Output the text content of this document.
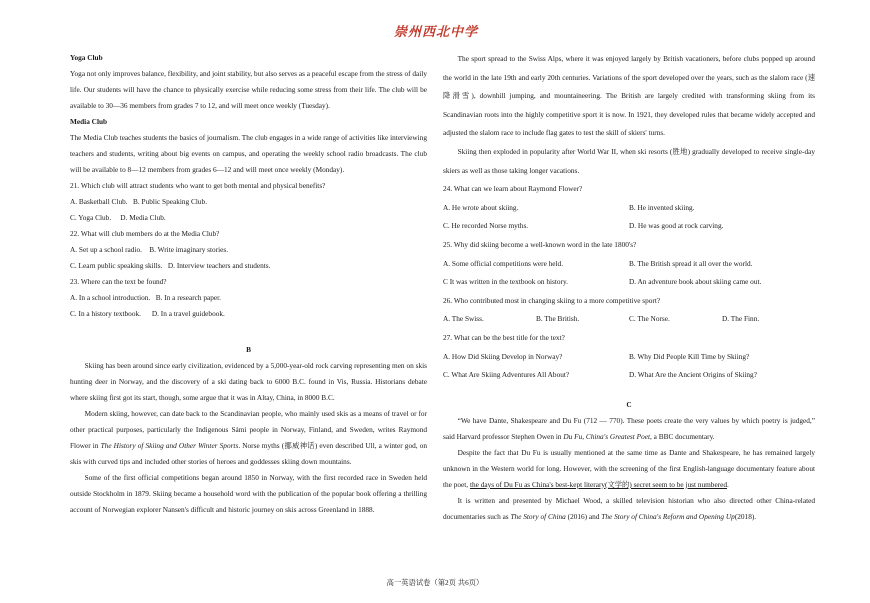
崇州西北中学

Yoga Club

Yoga not only improves balance, flexibility, and joint stability, but also serves as a peaceful escape from the stress of daily life. Our students will have the chance to physically exercise while reducing some stress from their life. The club will be available to 30—36 members from grades 7 to 12, and will meet once weekly (Tuesday).

Media Club

The Media Club teaches students the basics of journalism. The club engages in a wide range of activities like interviewing teachers and students, writing about big events on campus, and operating the weekly school radio broadcasts. The club will be available to 8—12 members from grades 6—12 and will meet once weekly (Monday).

21. Which club will attract students who want to get both mental and physical benefits?

A. Basketball Club. B. Public Speaking Club.

C. Yoga Club. D. Media Club.

22. What will club members do at the Media Club?

A. Set up a school radio. B. Write imaginary stories.

C. Learn public speaking skills. D. Interview teachers and students.

23. Where can the text be found?

A. In a school introduction. B. In a research paper.

C. In a history textbook. D. In a travel guidebook.

B

Skiing has been around since early civilization, evidenced by a 5,000-year-old rock carving representing men on skis hunting deer in Norway, and the discovery of a ski dating back to 6000 B.C. found in Vis, Russia. Historians debate where skiing first got its start, though, some argue that it was in Altay, China, in 8000 B.C.

Modern skiing, however, can date back to the Scandinavian people, who mainly used skis as a means of travel or for other practical purposes, particularly the Indigenous Sámi people in Norway, Finland, and Sweden, writes Raymond Flower in The History of Skiing and Other Winter Sports. Norse myths (挪威神话) even described Ull, a winter god, on skis with curved tips and included other stories of heroes and goddesses skiing down mountains.

Some of the first official competitions began around 1850 in Norway, with the first recorded race in Sweden held outside Stockholm in 1879. Skiing became a household word with the publication of the popular book offering a thrilling account of Norwegian explorer Nansen's difficult and historic journey on skis across Greenland in 1888.

The sport spread to the Swiss Alps, where it was enjoyed largely by British vacationers, before clubs popped up around the world in the late 19th and early 20th centuries. Variations of the sport developed over the years, such as the slalom race (速降滑雪), downhill jumping, and mountaineering. The British are largely credited with transforming skiing from its Scandinavian roots into the highly competitive sport it is now. In 1921, they developed rules that became widely accepted and adjusted the slalom race to include flag gates to test the skill of skiers' turns.

Skiing then exploded in popularity after World War II, when ski resorts (胜地) gradually developed to receive single-day skiers as well as those taking longer vacations.

24. What can we learn about Raymond Flower?

A. He wrote about skiing.	B. He invented skiing.
C. He recorded Norse myths.	D. He was good at rock carving.

25. Why did skiing become a well-known word in the late 1800's?

A. Some official competitions were held.	B. The British spread it all over the world.
C It was written in the textbook on history.	D. An adventure book about skiing came out.

26. Who contributed most in changing skiing to a more competitive sport?

A. The Swiss.	B. The British.	C. The Norse.	D. The Finn.

27. What can be the best title for the text?

A. How Did Skiing Develop in Norway?	B. Why Did People Kill Time by Skiing?
C. What Are Skiing Adventures All About?	D. What Are the Ancient Origins of Skiing?

C

“We have Dante, Shakespeare and Du Fu (712 — 770). These poets create the very values by which poetry is judged,” said Harvard professor Stephen Owen in Du Fu, China's Greatest Poet, a BBC documentary.

Despite the fact that Du Fu is usually mentioned at the same time as Dante and Shakespeare, he has remained largely unknown in the Western world for long. However, with the screening of the first English-language documentary feature about the poet, the days of Du Fu as China's best-kept literary(文学的) secret seem to be just numbered.

It is written and presented by Michael Wood, a skilled television historian who also directed other China-related documentaries such as The Story of China (2016) and The Story of China's Reform and Opening Up(2018).

高一英语试卷（第2页 共6页）
